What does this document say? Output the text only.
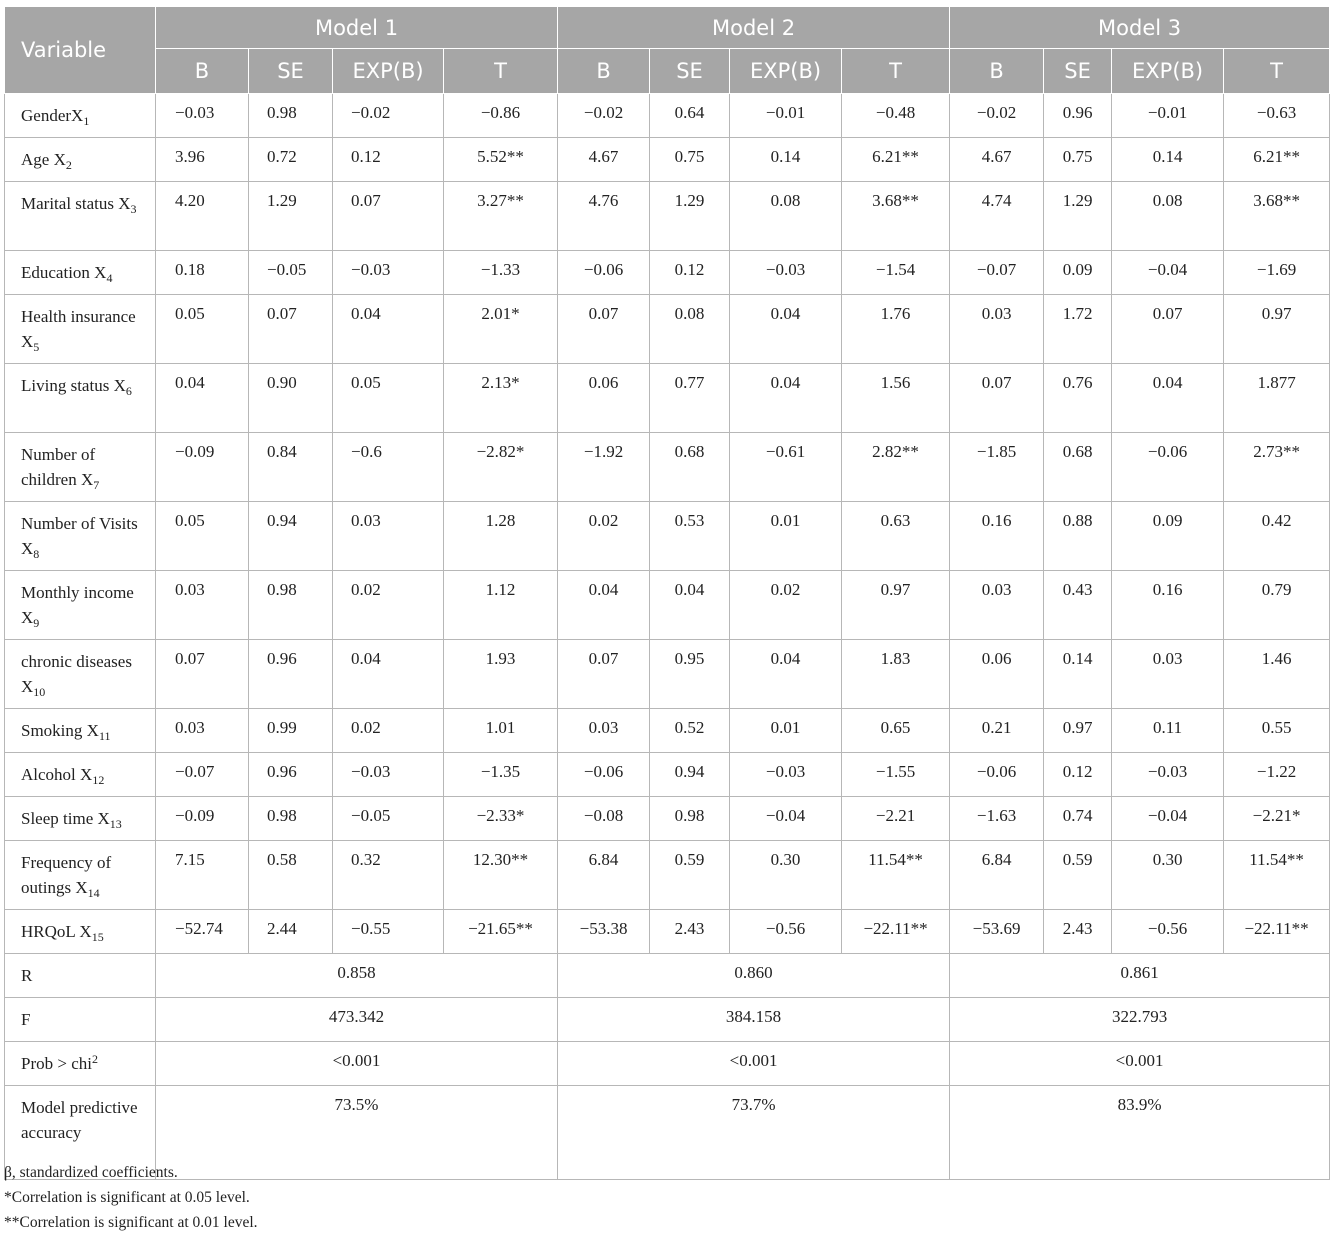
Variable	Model 1				Model 2				Model 3			
	B	SE	EXP(B)	T	B	SE	EXP(B)	T	B	SE	EXP(B)	T
GenderX$_1$	−0.03	0.98	−0.02	−0.86	−0.02	0.64	−0.01	−0.48	−0.02	0.96	−0.01	−0.63
Age $X_2$	3.96	0.72	0.12	5.52**	4.67	0.75	0.14	6.21**	4.67	0.75	0.14	6.21**
Marital status $X_3$	4.20	1.29	0.07	3.27**	4.76	1.29	0.08	3.68**	4.74	1.29	0.08	3.68**
Education $X_4$	0.18	−0.05	−0.03	−1.33	−0.06	0.12	−0.03	−1.54	−0.07	0.09	−0.04	−1.69
Health insurance $X_5$	0.05	0.07	0.04	2.01*	0.07	0.08	0.04	1.76	0.03	1.72	0.07	0.97
Living status $X_6$	0.04	0.90	0.05	2.13*	0.06	0.77	0.04	1.56	0.07	0.76	0.04	1.877
Number of children $X_7$	−0.09	0.84	−0.6	−2.82*	−1.92	0.68	−0.61	2.82**	−1.85	0.68	−0.06	2.73**
Number of Visits $X_8$	0.05	0.94	0.03	1.28	0.02	0.53	0.01	0.63	0.16	0.88	0.09	0.42
Monthly income $X_9$	0.03	0.98	0.02	1.12	0.04	0.04	0.02	0.97	0.03	0.43	0.16	0.79
chronic diseases $X_{10}$	0.07	0.96	0.04	1.93	0.07	0.95	0.04	1.83	0.06	0.14	0.03	1.46
Smoking $X_{11}$	0.03	0.99	0.02	1.01	0.03	0.52	0.01	0.65	0.21	0.97	0.11	0.55
Alcohol $X_{12}$	−0.07	0.96	−0.03	−1.35	−0.06	0.94	−0.03	−1.55	−0.06	0.12	−0.03	−1.22
Sleep time $X_{13}$	−0.09	0.98	−0.05	−2.33*	−0.08	0.98	−0.04	−2.21	−1.63	0.74	−0.04	−2.21*
Frequency of outings $X_{14}$	7.15	0.58	0.32	12.30**	6.84	0.59	0.30	11.54**	6.84	0.59	0.30	11.54**
HRQoL $X_{15}$	−52.74	2.44	−0.55	−21.65**	−53.38	2.43	−0.56	−22.11**	−53.69	2.43	−0.56	−22.11**
R	0.858				0.860				0.861			
F	473.342				384.158				322.793			
Prob > chi$^2$	<0.001				<0.001				<0.001			
Model predictive accuracy	73.5%				73.7%				83.9%			
β, standardized coefficients.
*Correlation is significant at 0.05 level.
**Correlation is significant at 0.01 level.
